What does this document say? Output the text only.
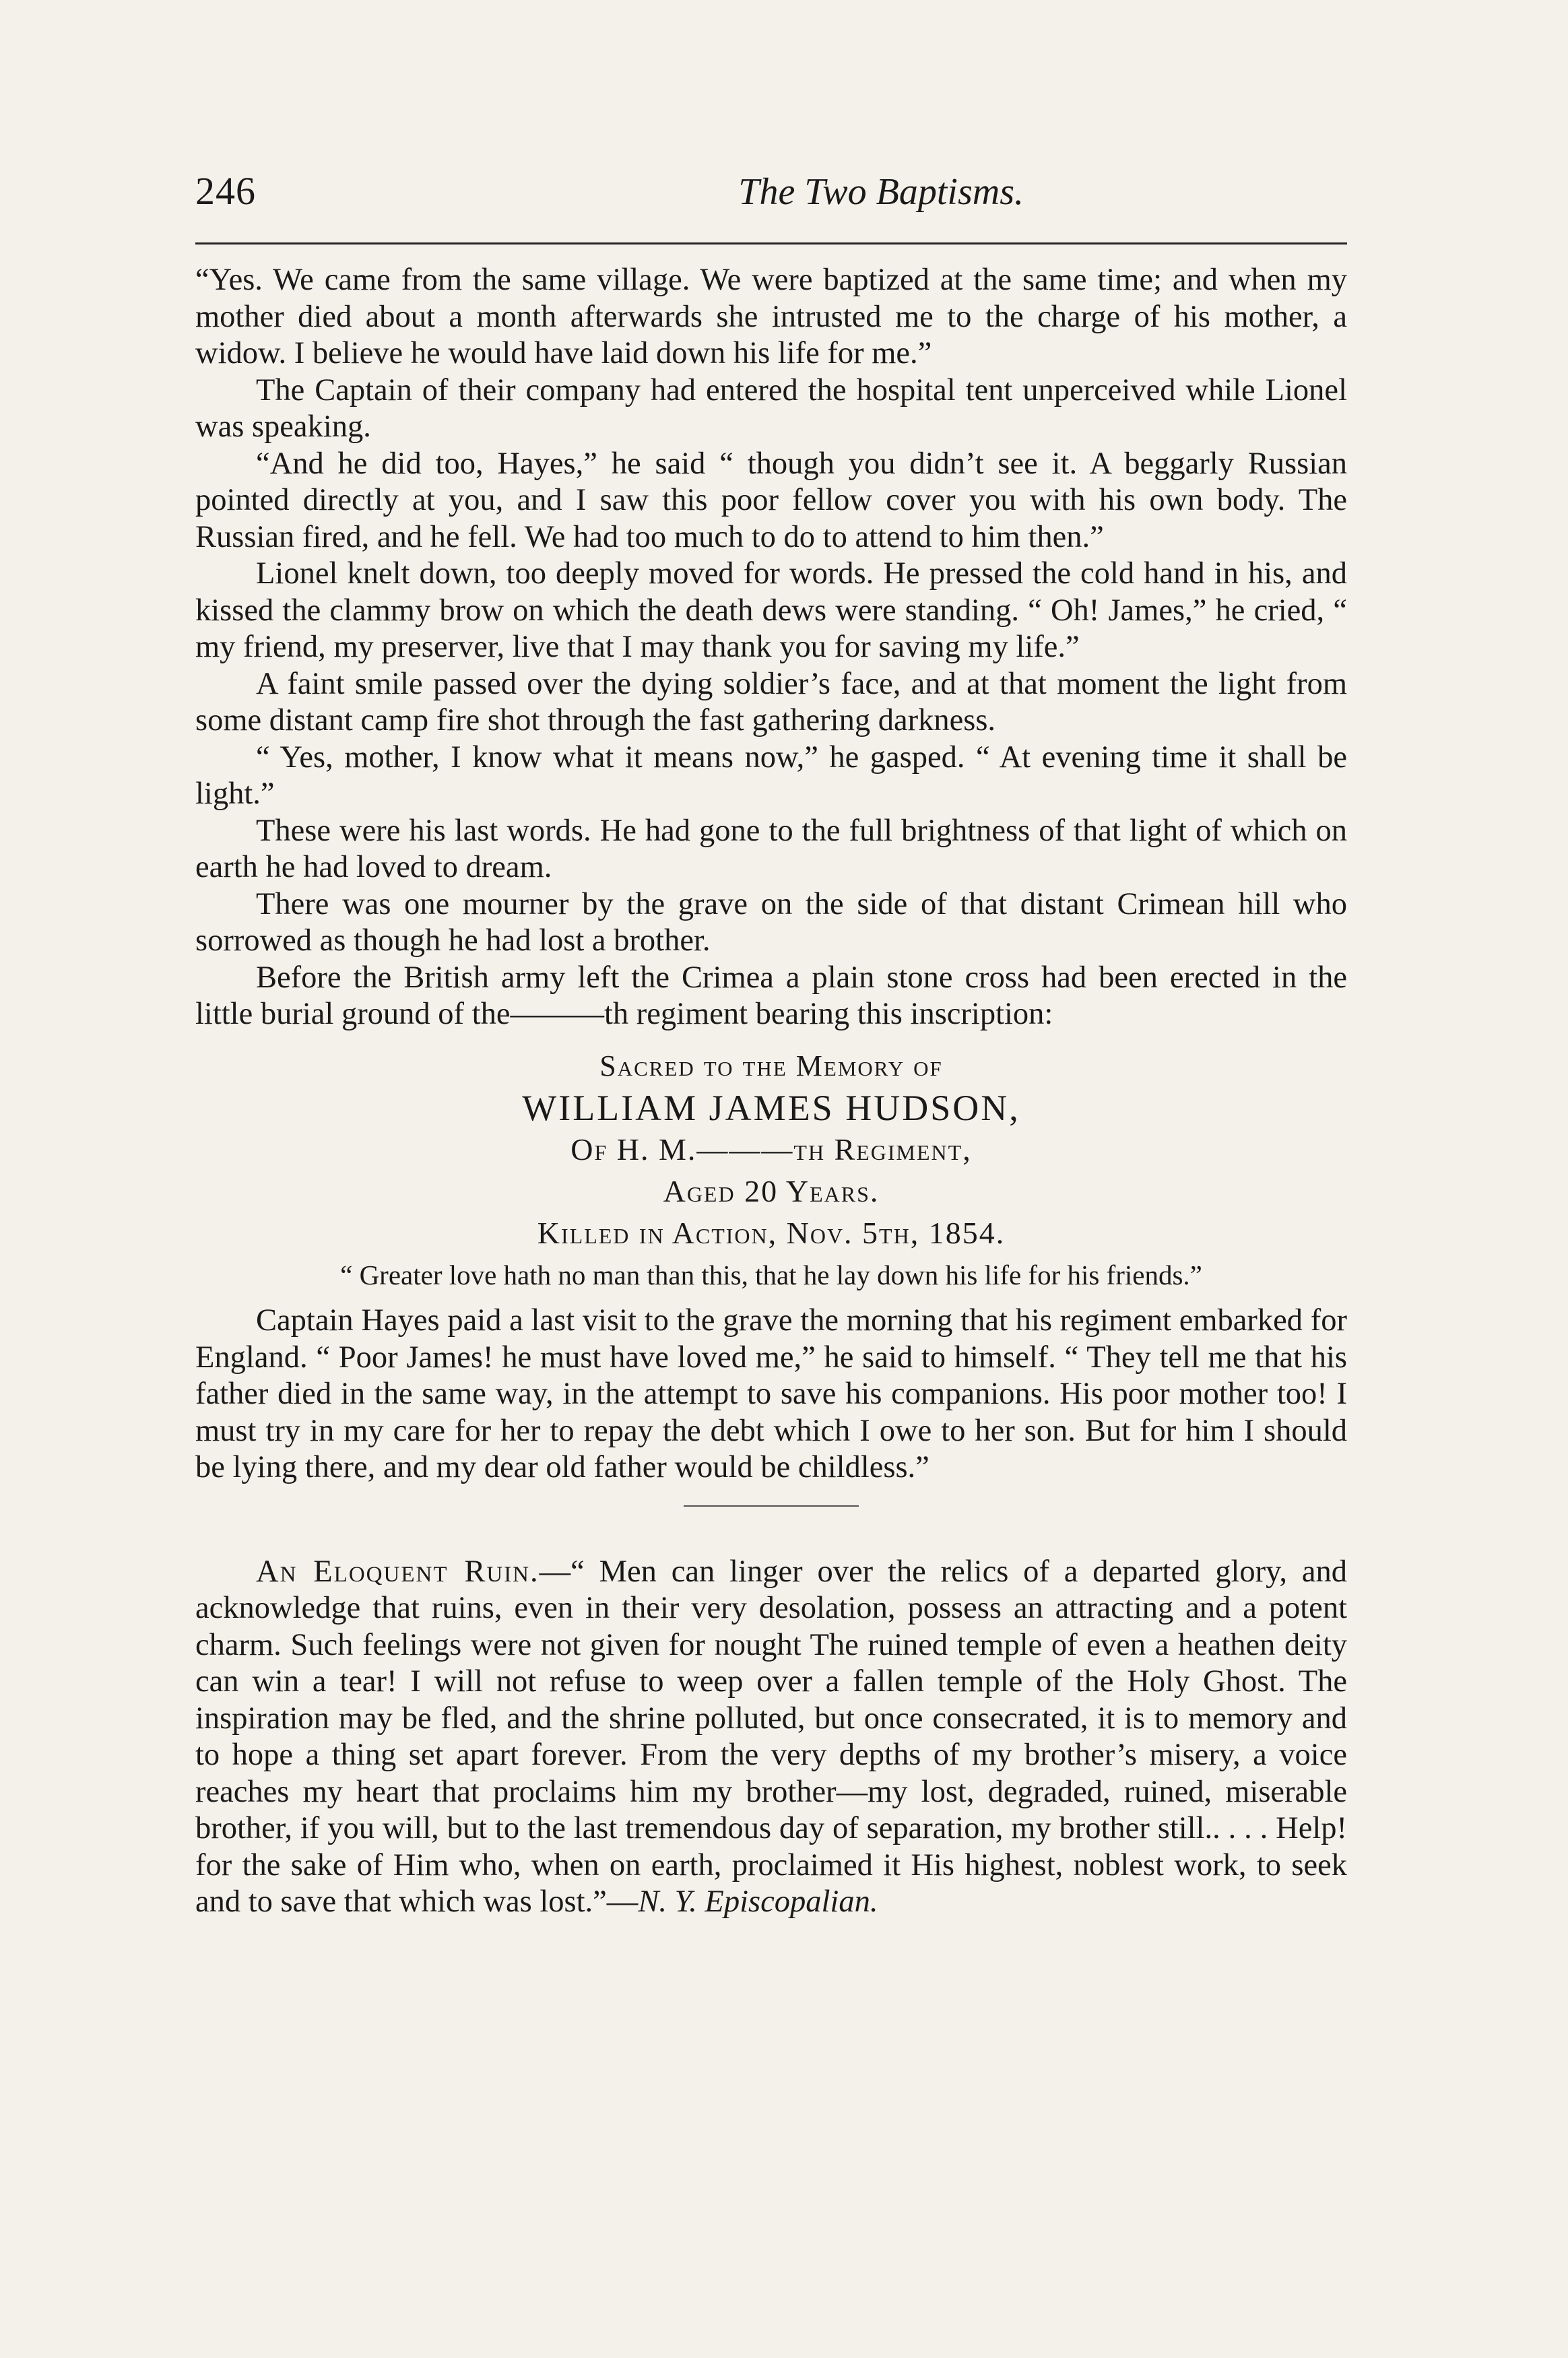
246	The Two Baptisms.

“Yes. We came from the same village. We were baptized at the same time; and when my mother died about a month afterwards she intrusted me to the charge of his mother, a widow. I believe he would have laid down his life for me.”

The Captain of their company had entered the hospital tent unperceived while Lionel was speaking.

“And he did too, Hayes,” he said “ though you didn’t see it. A beggarly Russian pointed directly at you, and I saw this poor fellow cover you with his own body. The Russian fired, and he fell. We had too much to do to attend to him then.”

Lionel knelt down, too deeply moved for words. He pressed the cold hand in his, and kissed the clammy brow on which the death dews were standing. “ Oh! James,” he cried, “ my friend, my preserver, live that I may thank you for saving my life.”

A faint smile passed over the dying soldier’s face, and at that moment the light from some distant camp fire shot through the fast gathering darkness.

“ Yes, mother, I know what it means now,” he gasped. “ At evening time it shall be light.”

These were his last words. He had gone to the full brightness of that light of which on earth he had loved to dream.

There was one mourner by the grave on the side of that distant Crimean hill who sorrowed as though he had lost a brother.

Before the British army left the Crimea a plain stone cross had been erected in the little burial ground of the———th regiment bearing this inscription:

Sacred to the Memory of
WILLIAM JAMES HUDSON,
Of H. M.———th Regiment,
Aged 20 Years.
Killed in Action, Nov. 5th, 1854.
“ Greater love hath no man than this, that he lay down his life for his friends.”

Captain Hayes paid a last visit to the grave the morning that his regiment embarked for England. “ Poor James! he must have loved me,” he said to himself. “ They tell me that his father died in the same way, in the attempt to save his companions. His poor mother too! I must try in my care for her to repay the debt which I owe to her son. But for him I should be lying there, and my dear old father would be childless.”

An Eloquent Ruin.—“ Men can linger over the relics of a departed glory, and acknowledge that ruins, even in their very desolation, possess an attracting and a potent charm. Such feelings were not given for nought The ruined temple of even a heathen deity can win a tear! I will not refuse to weep over a fallen temple of the Holy Ghost. The inspiration may be fled, and the shrine polluted, but once consecrated, it is to memory and to hope a thing set apart forever. From the very depths of my brother’s misery, a voice reaches my heart that proclaims him my brother—my lost, degraded, ruined, miserable brother, if you will, but to the last tremendous day of separation, my brother still.. . . . Help! for the sake of Him who, when on earth, proclaimed it His highest, noblest work, to seek and to save that which was lost.”—N. Y. Episcopalian.
